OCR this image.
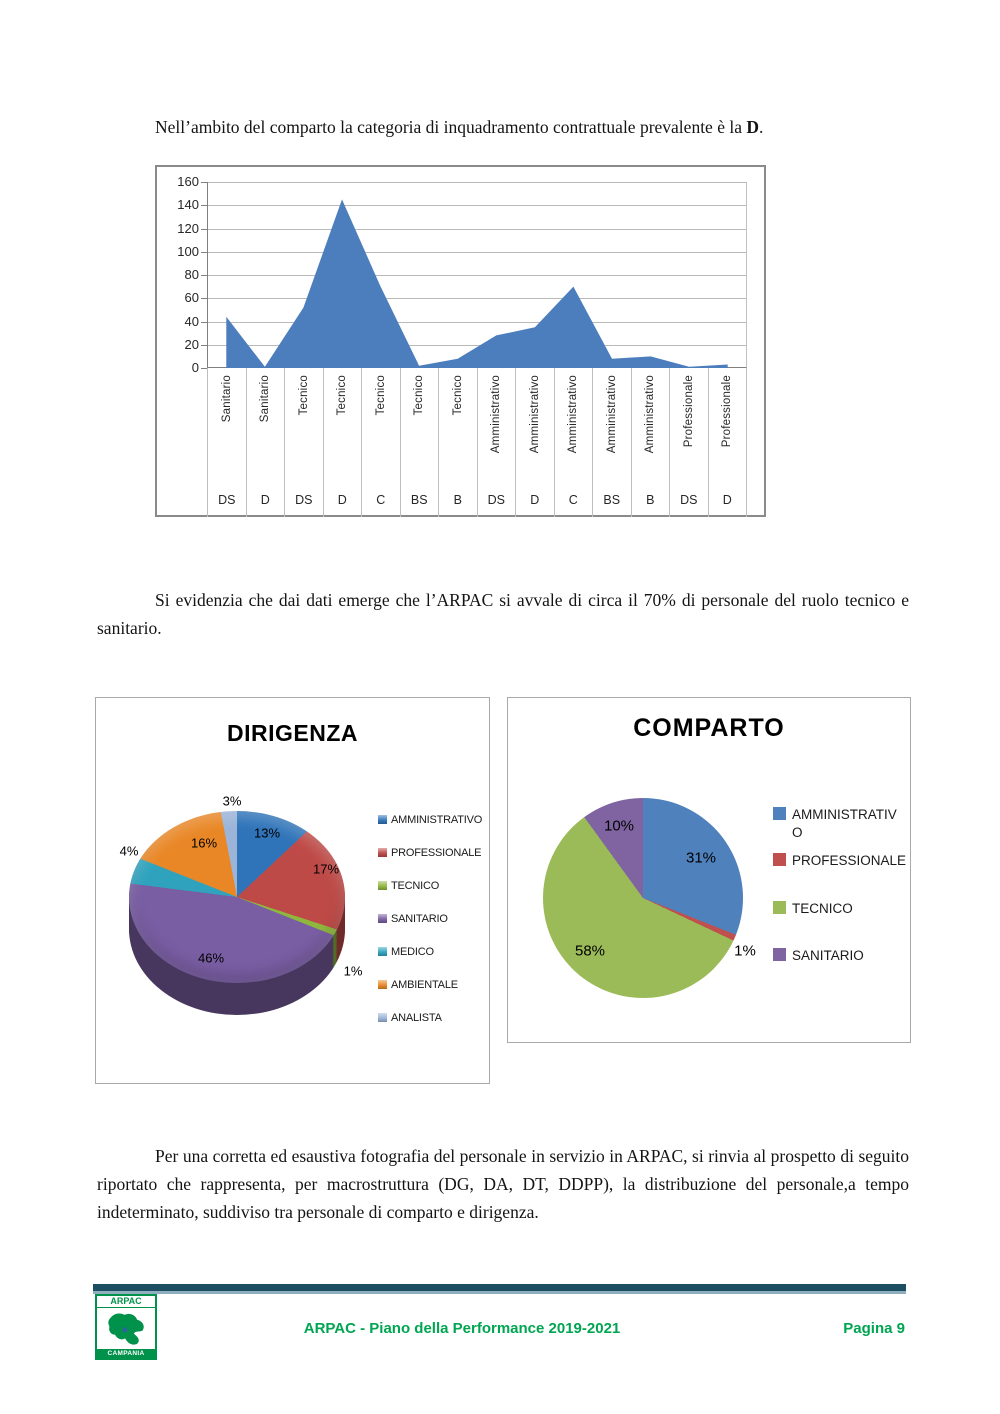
Nell’ambito del comparto la categoria di inquadramento contrattuale prevalente è la D.

0
20
40
60
80
100
120
140
160
Sanitario
DS
Sanitario
D
Tecnico
DS
Tecnico
D
Tecnico
C
Tecnico
BS
Tecnico
B
Amministrativo
DS
Amministrativo
D
Amministrativo
C
Amministrativo
BS
Amministrativo
B
Professionale
DS
Professionale
D

Si evidenzia che dai dati emerge che l’ARPAC si avvale di circa il 70% di personale del ruolo tecnico e sanitario.

DIRIGENZA
AMMINISTRATIVO
PROFESSIONALE
TECNICO
SANITARIO
MEDICO
AMBIENTALE
ANALISTA
13%
17%
1%
46%
4%
16%
3%
COMPARTO
AMMINISTRATIV
O
PROFESSIONALE
TECNICO
SANITARIO
31%
1%
58%
10%

Per una corretta ed esaustiva fotografia del personale in servizio in ARPAC, si rinvia al prospetto di seguito riportato che rappresenta, per macrostruttura (DG, DA, DT, DDPP), la distribuzione del personale,a tempo indeterminato, suddiviso tra personale di comparto e dirigenza.

ARPAC
CAMPANIA
ARPAC - Piano della Performance 2019-2021	Pagina 9
